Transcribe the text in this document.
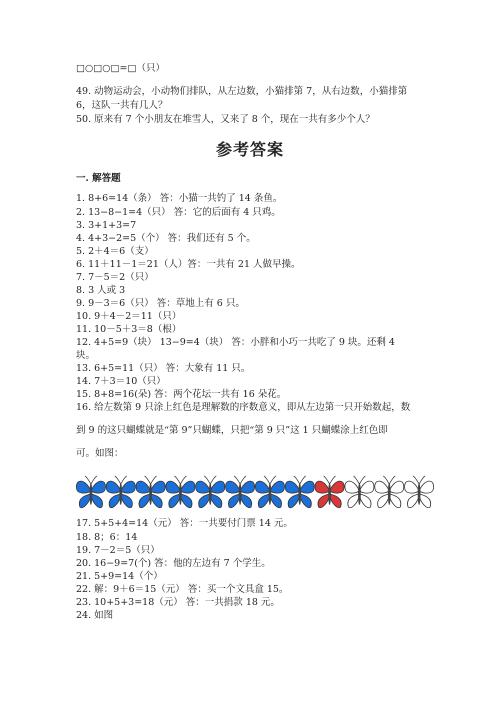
□○□○□=□（只）
49. 动物运动会，小动物们排队，从左边数，小猫排第 7，从右边数，小猫排第
6，这队一共有几人？
50. 原来有 7 个小朋友在堆雪人，又来了 8 个，现在一共有多少个人？
参考答案
一. 解答题
1. 8+6=14（条） 答：小猫一共钓了 14 条鱼。
2. 13−8−1=4（只） 答：它的后面有 4 只鸡。
3. 3+1+3=7
4. 4+3−2=5（个） 答：我们还有 5 个。
5. 2＋4＝6（支）
6. 11＋11－1＝21（人）答：一共有 21 人做早操。
7. 7－5＝2（只）
8. 3 人或 3
9. 9－3＝6（只） 答：草地上有 6 只。
10. 9＋4－2＝11（只）
11. 10－5＋3＝8（根）
12. 4+5=9（块） 13−9=4（块） 答：小胖和小巧一共吃了 9 块。还剩 4
块。
13. 6+5=11（只） 答：大象有 11 只。
14. 7＋3＝10（只）
15. 8+8=16(朵) 答：两个花坛一共有 16 朵花。
16. 给左数第 9 只涂上红色是理解数的序数意义，即从左边第一只开始数起，数
到 9 的这只蝴蝶就是“第 9”只蝴蝶，只把“第 9 只”这 1 只蝴蝶涂上红色即
可。如图：
17. 5+5+4=14（元） 答：一共要付门票 14 元。
18. 8；6：14
19. 7－2＝5（只）
20. 16−9=7(个) 答：他的左边有 7 个学生。
21. 5+9=14（个）
22. 解：9＋6＝15（元） 答：买一个文具盒 15。
23. 10+5+3=18（元） 答：一共捐款 18 元。
24. 如图
